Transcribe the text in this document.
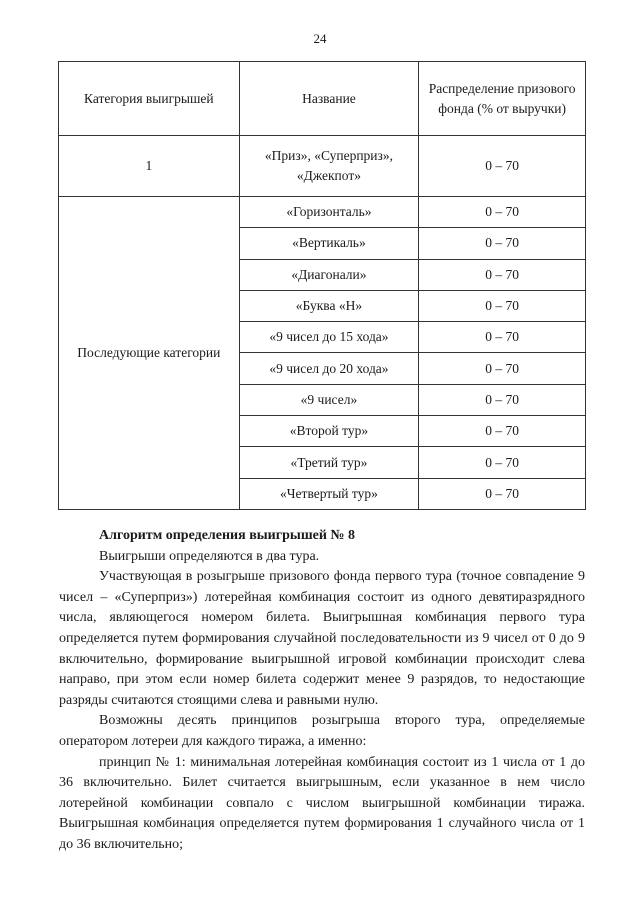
24
Категория выигрышей	Название	Распределение призового фонда (% от выручки)
1	«Приз», «Суперприз», «Джекпот»	0 – 70
Последующие категории	«Горизонталь»	0 – 70
	«Вертикаль»	0 – 70
	«Диагонали»	0 – 70
	«Буква «Н»	0 – 70
	«9 чисел до 15 хода»	0 – 70
	«9 чисел до 20 хода»	0 – 70
	«9 чисел»	0 – 70
	«Второй тур»	0 – 70
	«Третий тур»	0 – 70
	«Четвертый тур»	0 – 70
Алгоритм определения выигрышей № 8

Выигрыши определяются в два тура.

Участвующая в розыгрыше призового фонда первого тура (точное совпадение 9 чисел – «Суперприз») лотерейная комбинация состоит из одного девятиразрядного числа, являющегося номером билета. Выигрышная комбинация первого тура определяется путем формирования случайной последовательности из 9 чисел от 0 до 9 включительно, формирование выигрышной игровой комбинации происходит слева направо, при этом если номер билета содержит менее 9 разрядов, то недостающие разряды считаются стоящими слева и равными нулю.

Возможны десять принципов розыгрыша второго тура, определяемые оператором лотереи для каждого тиража, а именно:

принцип № 1: минимальная лотерейная комбинация состоит из 1 числа от 1 до 36 включительно. Билет считается выигрышным, если указанное в нем число лотерейной комбинации совпало с числом выигрышной комбинации тиража. Выигрышная комбинация определяется путем формирования 1 случайного числа от 1 до 36 включительно;
